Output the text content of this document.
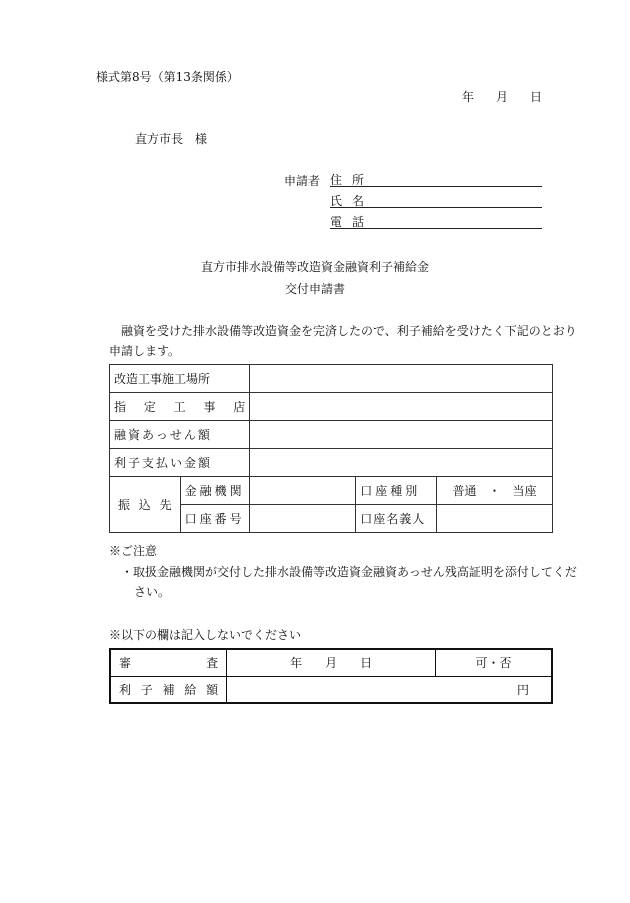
様式第8号（第13条関係）
年 月 日
直方市長　様
申請者 住 所
氏 名
電 話
直方市排水設備等改造資金融資利子補給金
交付申請書
融資を受けた排水設備等改造資金を完済したので、利子補給を受けたく下記のとおり
申請します。
改造工事施工場所				

指 定 工 事 店				

融資あっせん額				
利子支払い金額				

振 込 先	金融機関		口座種別	普通　・　当座
	口座番号		口座名義人	
※ご注意
・取扱金融機関が交付した排水設備等改造資金融資あっせん残高証明を添付してくだ
さい。
※以下の欄は記入しないでください
審 査	年 月 日	可・否

利 子 補 給 額	円	
